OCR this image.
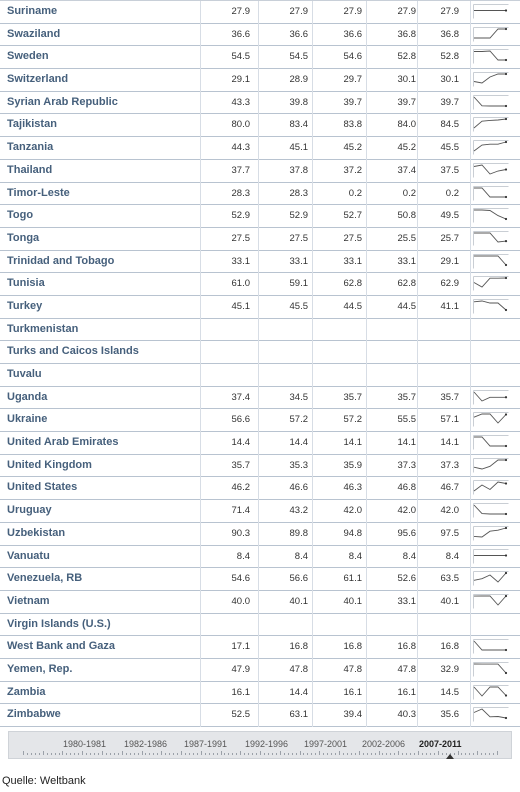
Suriname	27.9	27.9	27.9	27.9	27.9
Swaziland	36.6	36.6	36.6	36.8	36.8
Sweden	54.5	54.5	54.6	52.8	52.8
Switzerland	29.1	28.9	29.7	30.1	30.1
Syrian Arab Republic	43.3	39.8	39.7	39.7	39.7
Tajikistan	80.0	83.4	83.8	84.0	84.5
Tanzania	44.3	45.1	45.2	45.2	45.5
Thailand	37.7	37.8	37.2	37.4	37.5
Timor-Leste	28.3	28.3	0.2	0.2	0.2
Togo	52.9	52.9	52.7	50.8	49.5
Tonga	27.5	27.5	27.5	25.5	25.7
Trinidad and Tobago	33.1	33.1	33.1	33.1	29.1
Tunisia	61.0	59.1	62.8	62.8	62.9
Turkey	45.1	45.5	44.5	44.5	41.1
Turkmenistan
Turks and Caicos Islands
Tuvalu
Uganda	37.4	34.5	35.7	35.7	35.7
Ukraine	56.6	57.2	57.2	55.5	57.1
United Arab Emirates	14.4	14.4	14.1	14.1	14.1
United Kingdom	35.7	35.3	35.9	37.3	37.3
United States	46.2	46.6	46.3	46.8	46.7
Uruguay	71.4	43.2	42.0	42.0	42.0
Uzbekistan	90.3	89.8	94.8	95.6	97.5
Vanuatu	8.4	8.4	8.4	8.4	8.4
Venezuela, RB	54.6	56.6	61.1	52.6	63.5
Vietnam	40.0	40.1	40.1	33.1	40.1
Virgin Islands (U.S.)
West Bank and Gaza	17.1	16.8	16.8	16.8	16.8
Yemen, Rep.	47.9	47.8	47.8	47.8	32.9
Zambia	16.1	14.4	16.1	16.1	14.5
Zimbabwe	52.5	63.1	39.4	40.3	35.6
1980-1981 1982-1986 1987-1991 1992-1996 1997-2001 2002-2006 2007-2011
Quelle: Weltbank
